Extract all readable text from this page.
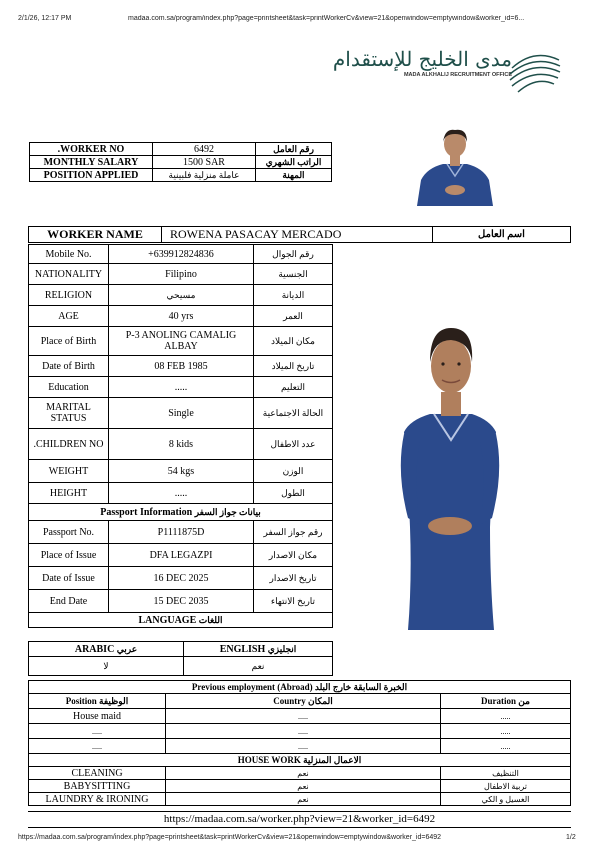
2/1/26, 12:17 PM	madaa.com.sa/program/index.php?page=printsheet&task=printWorkerCv&view=21&openwindow=emptywindow&worker_id=6...
مدى الخليج للإستقدام
MADA ALKHALIJ RECRUITMENT OFFICE
.WORKER NO	6492	رقم العامل
MONTHLY SALARY	1500 SAR	الراتب الشهري
POSITION APPLIED	عاملة منزلية فلبينية	المهنة
WORKER NAME	ROWENA PASACAY MERCADO	اسم العامل
Mobile No.	+639912824836	رقم الجوال
NATIONALITY	Filipino	الجنسية
RELIGION	مسيحي	الديانة
AGE	40 yrs	العمر
Place of Birth	P-3 ANOLING CAMALIG ALBAY	مكان الميلاد
Date of Birth	08 FEB 1985	تاريخ الميلاد
Education	.....	التعليم
MARITAL STATUS	Single	الحالة الاجتماعية
.CHILDREN NO	8 kids	عدد الاطفال
WEIGHT	54 kgs	الوزن
HEIGHT	.....	الطول
Passport Information بيانات جواز السفر		
Passport No.	P1111875D	رقم جواز السفر
Place of Issue	DFA LEGAZPI	مكان الاصدار
Date of Issue	16 DEC 2025	تاريخ الاصدار
End Date	15 DEC 2035	تاريخ الانتهاء
LANGUAGE اللغات		
ARABIC عربي	ENGLISH انجليزي
لا	نعم
Previous employment (Abroad) الخبرة السابقة خارج البلد		
Position الوظيفة	Country المكان	Duration من
House maid	.....	.....
.....	.....	.....
.....	.....	.....
HOUSE WORK الاعمال المنزلية		
CLEANING	نعم	التنظيف
BABYSITTING	نعم	تربية الاطفال
LAUNDRY & IRONING	نعم	الغسيل و الكي
https://madaa.com.sa/worker.php?view=21&worker_id=6492
https://madaa.com.sa/program/index.php?page=printsheet&task=printWorkerCv&view=21&openwindow=emptywindow&worker_id=6492	1/2
